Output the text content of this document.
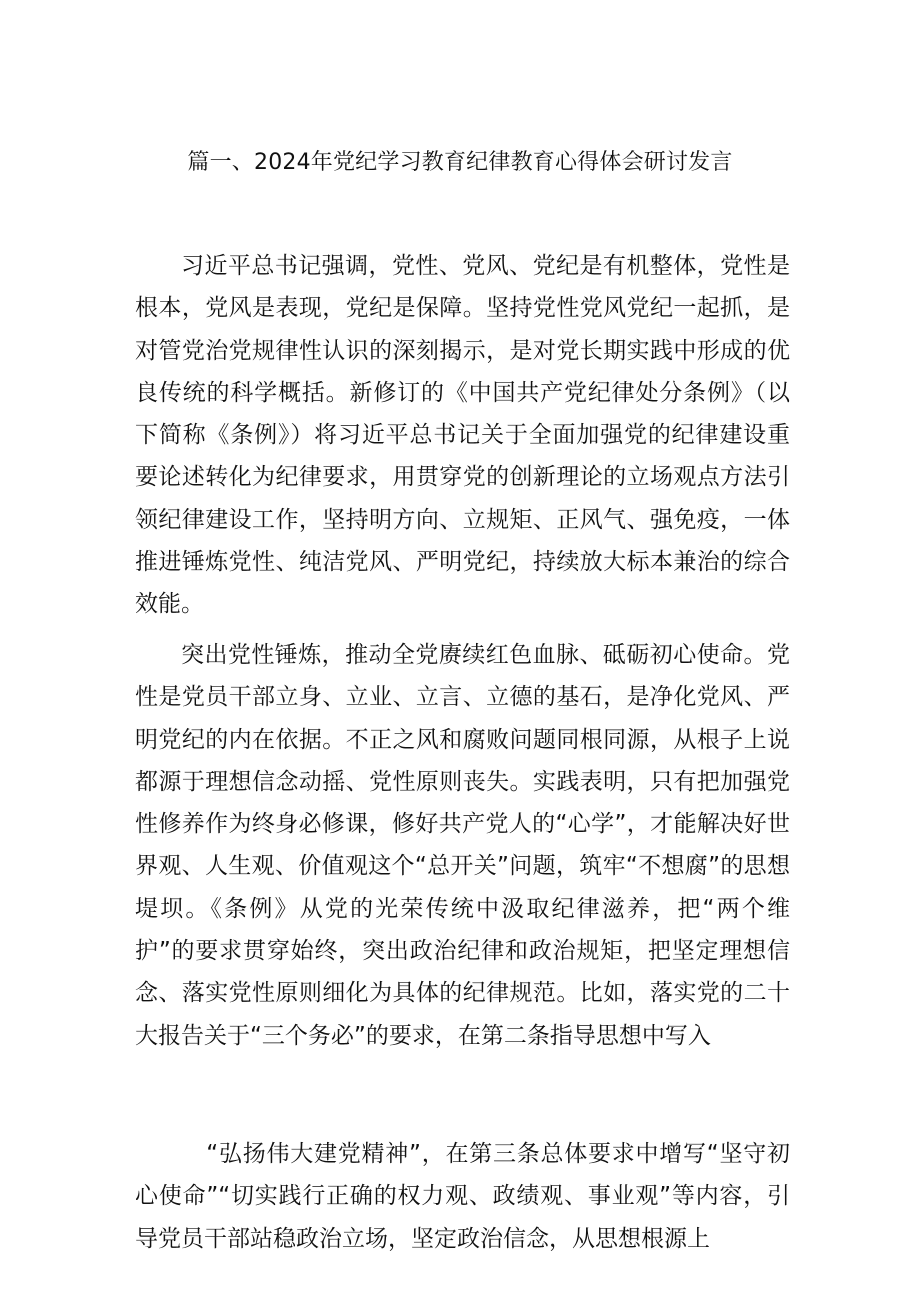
篇一、2024年党纪学习教育纪律教育心得体会研讨发言

习近平总书记强调，党性、党风、党纪是有机整体，党性是根本，党风是表现，党纪是保障。坚持党性党风党纪一起抓，是对管党治党规律性认识的深刻揭示，是对党长期实践中形成的优良传统的科学概括。新修订的《中国共产党纪律处分条例》（以下简称《条例》）将习近平总书记关于全面加强党的纪律建设重要论述转化为纪律要求，用贯穿党的创新理论的立场观点方法引领纪律建设工作，坚持明方向、立规矩、正风气、强免疫，一体推进锤炼党性、纯洁党风、严明党纪，持续放大标本兼治的综合效能。

突出党性锤炼，推动全党赓续红色血脉、砥砺初心使命。党性是党员干部立身、立业、立言、立德的基石，是净化党风、严明党纪的内在依据。不正之风和腐败问题同根同源，从根子上说都源于理想信念动摇、党性原则丧失。实践表明，只有把加强党性修养作为终身必修课，修好共产党人的“心学”，才能解决好世界观、人生观、价值观这个“总开关”问题，筑牢“不想腐”的思想堤坝。《条例》从党的光荣传统中汲取纪律滋养，把“两个维护”的要求贯穿始终，突出政治纪律和政治规矩，把坚定理想信念、落实党性原则细化为具体的纪律规范。比如，落实党的二十大报告关于“三个务必”的要求，在第二条指导思想中写入

“弘扬伟大建党精神”，在第三条总体要求中增写“坚守初心使命”“切实践行正确的权力观、政绩观、事业观”等内容，引导党员干部站稳政治立场，坚定政治信念，从思想根源上
